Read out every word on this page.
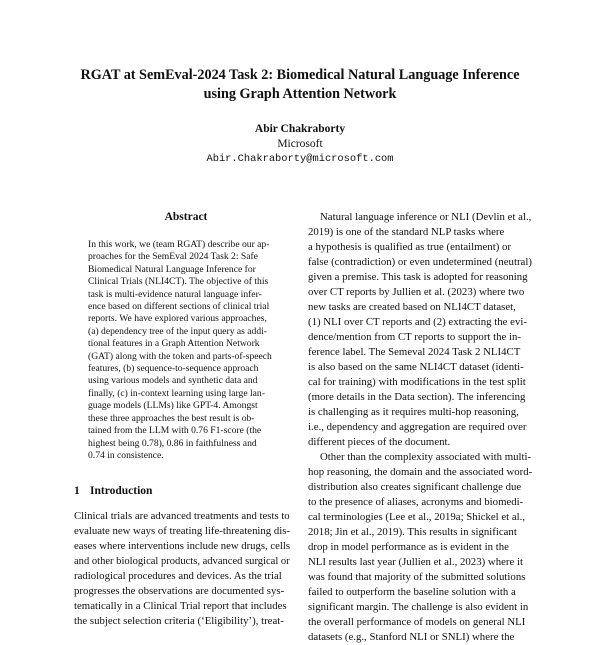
RGAT at SemEval-2024 Task 2: Biomedical Natural Language Inference
using Graph Attention Network
Abir Chakraborty
Microsoft
Abir.Chakraborty@microsoft.com
Abstract
In this work, we (team RGAT) describe our ap-
proaches for the SemEval 2024 Task 2: Safe
Biomedical Natural Language Inference for
Clinical Trials (NLI4CT). The objective of this
task is multi-evidence natural language infer-
ence based on different sections of clinical trial
reports. We have explored various approaches,
(a) dependency tree of the input query as addi-
tional features in a Graph Attention Network
(GAT) along with the token and parts-of-speech
features, (b) sequence-to-sequence approach
using various models and synthetic data and
finally, (c) in-context learning using large lan-
guage models (LLMs) like GPT-4. Amongst
these three approaches the best result is ob-
tained from the LLM with 0.76 F1-score (the
highest being 0.78), 0.86 in faithfulness and
0.74 in consistence.
1 Introduction
Clinical trials are advanced treatments and tests to
evaluate new ways of treating life-threatening dis-
eases where interventions include new drugs, cells
and other biological products, advanced surgical or
radiological procedures and devices. As the trial
progresses the observations are documented sys-
tematically in a Clinical Trial report that includes
the subject selection criteria (‘Eligibility’), treat-
Natural language inference or NLI (Devlin et al.,
2019) is one of the standard NLP tasks where
a hypothesis is qualified as true (entailment) or
false (contradiction) or even undetermined (neutral)
given a premise. This task is adopted for reasoning
over CT reports by Jullien et al. (2023) where two
new tasks are created based on NLI4CT dataset,
(1) NLI over CT reports and (2) extracting the evi-
dence/mention from CT reports to support the in-
ference label. The Semeval 2024 Task 2 NLI4CT
is also based on the same NLI4CT dataset (identi-
cal for training) with modifications in the test split
(more details in the Data section). The inferencing
is challenging as it requires multi-hop reasoning,
i.e., dependency and aggregation are required over
different pieces of the document.
Other than the complexity associated with multi-
hop reasoning, the domain and the associated word-
distribution also creates significant challenge due
to the presence of aliases, acronyms and biomedi-
cal terminologies (Lee et al., 2019a; Shickel et al.,
2018; Jin et al., 2019). This results in significant
drop in model performance as is evident in the
NLI results last year (Jullien et al., 2023) where it
was found that majority of the submitted solutions
failed to outperform the baseline solution with a
significant margin. The challenge is also evident in
the overall performance of models on general NLI
datasets (e.g., Stanford NLI or SNLI) where the
